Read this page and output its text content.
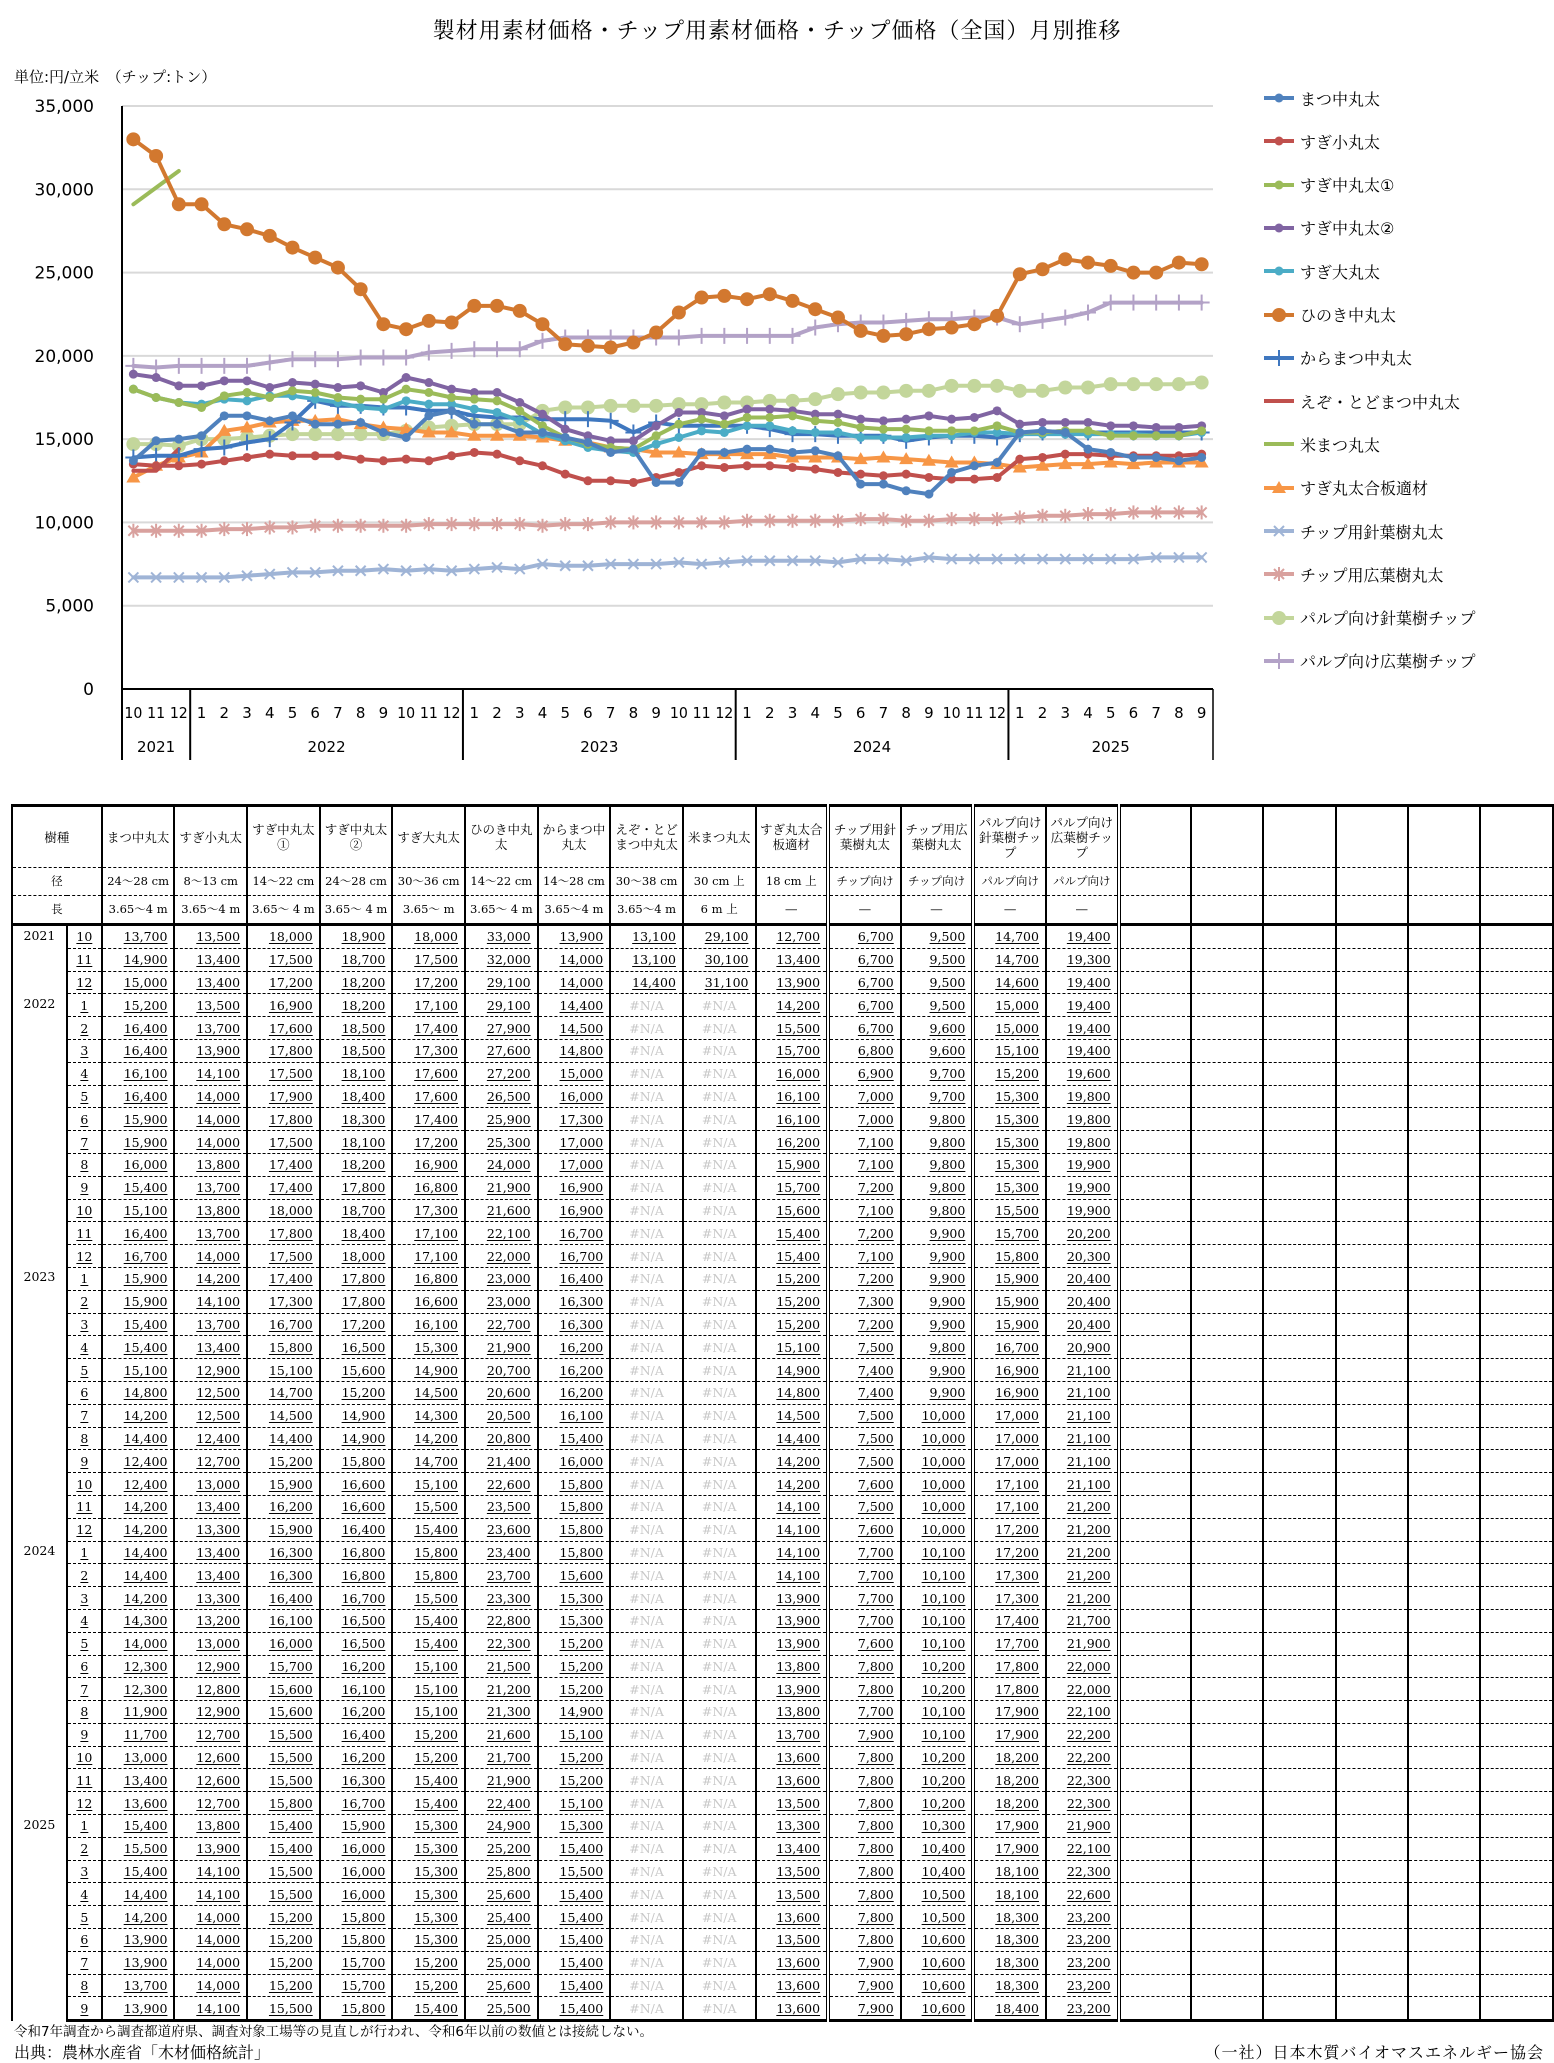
製材用素材価格・チップ用素材価格・チップ価格（全国）月別推移
単位:円/立米　（チップ:トン）
0
5,000
10,000
15,000
20,000
25,000
30,000
35,000
10 11 12 1 2 3 4 5 6 7 8 9 10 11 12 1 2 3 4 5 6 7 8 9 10 11 12 1 2 3 4 5 6 7 8 9 10 11 12 1 2 3 4 5 6 7 8 9
2021	2022	2023	2024	2025
まつ中丸太
すぎ小丸太
すぎ中丸太①
すぎ中丸太②
すぎ大丸太
ひのき中丸太
からまつ中丸太
えぞ・とどまつ中丸太
米まつ丸太
すぎ丸太合板適材
チップ用針葉樹丸太
チップ用広葉樹丸太
パルプ向け針葉樹チップ
パルプ向け広葉樹チップ
樹種		まつ中丸太	すぎ小丸太	すぎ中丸太①	すぎ中丸太②	すぎ大丸太	ひのき中丸太	からまつ中丸太	えぞ・とどまつ中丸太	米まつ丸太	すぎ丸太合板適材	チップ用針葉樹丸太	チップ用広葉樹丸太	パルプ向け針葉樹チップ	パルプ向け広葉樹チップ						
径		24～28 cm	8～13 cm	14～22 cm	24～28 cm	30～36 cm	14～22 cm	14～28 cm	30～38 cm	30 cm 上	18 cm 上	チップ向け	チップ向け	パルプ向け	パルプ向け						
長		3.65～4 m	3.65～4 m	3.65～ 4 m	3.65～ 4 m	3.65～ m	3.65～ 4 m	3.65～4 m	3.65～4 m	6 m 上	―	―	―	―	―						
2021	10	13,700	13,500	18,000	18,900	18,000	33,000	13,900	13,100	29,100	12,700	6,700	9,500	14,700	19,400						
	11	14,900	13,400	17,500	18,700	17,500	32,000	14,000	13,100	30,100	13,400	6,700	9,500	14,700	19,300						
	12	15,000	13,400	17,200	18,200	17,200	29,100	14,000	14,400	31,100	13,900	6,700	9,500	14,600	19,400						
2022	1	15,200	13,500	16,900	18,200	17,100	29,100	14,400	#N/A	#N/A	14,200	6,700	9,500	15,000	19,400						
	2	16,400	13,700	17,600	18,500	17,400	27,900	14,500	#N/A	#N/A	15,500	6,700	9,600	15,000	19,400						
	3	16,400	13,900	17,800	18,500	17,300	27,600	14,800	#N/A	#N/A	15,700	6,800	9,600	15,100	19,400						
	4	16,100	14,100	17,500	18,100	17,600	27,200	15,000	#N/A	#N/A	16,000	6,900	9,700	15,200	19,600						
	5	16,400	14,000	17,900	18,400	17,600	26,500	16,000	#N/A	#N/A	16,100	7,000	9,700	15,300	19,800						
	6	15,900	14,000	17,800	18,300	17,400	25,900	17,300	#N/A	#N/A	16,100	7,000	9,800	15,300	19,800						
	7	15,900	14,000	17,500	18,100	17,200	25,300	17,000	#N/A	#N/A	16,200	7,100	9,800	15,300	19,800						
	8	16,000	13,800	17,400	18,200	16,900	24,000	17,000	#N/A	#N/A	15,900	7,100	9,800	15,300	19,900						
	9	15,400	13,700	17,400	17,800	16,800	21,900	16,900	#N/A	#N/A	15,700	7,200	9,800	15,300	19,900						
	10	15,100	13,800	18,000	18,700	17,300	21,600	16,900	#N/A	#N/A	15,600	7,100	9,800	15,500	19,900						
	11	16,400	13,700	17,800	18,400	17,100	22,100	16,700	#N/A	#N/A	15,400	7,200	9,900	15,700	20,200						
	12	16,700	14,000	17,500	18,000	17,100	22,000	16,700	#N/A	#N/A	15,400	7,100	9,900	15,800	20,300						
2023	1	15,900	14,200	17,400	17,800	16,800	23,000	16,400	#N/A	#N/A	15,200	7,200	9,900	15,900	20,400						
	2	15,900	14,100	17,300	17,800	16,600	23,000	16,300	#N/A	#N/A	15,200	7,300	9,900	15,900	20,400						
	3	15,400	13,700	16,700	17,200	16,100	22,700	16,300	#N/A	#N/A	15,200	7,200	9,900	15,900	20,400						
	4	15,400	13,400	15,800	16,500	15,300	21,900	16,200	#N/A	#N/A	15,100	7,500	9,800	16,700	20,900						
	5	15,100	12,900	15,100	15,600	14,900	20,700	16,200	#N/A	#N/A	14,900	7,400	9,900	16,900	21,100						
	6	14,800	12,500	14,700	15,200	14,500	20,600	16,200	#N/A	#N/A	14,800	7,400	9,900	16,900	21,100						
	7	14,200	12,500	14,500	14,900	14,300	20,500	16,100	#N/A	#N/A	14,500	7,500	10,000	17,000	21,100						
	8	14,400	12,400	14,400	14,900	14,200	20,800	15,400	#N/A	#N/A	14,400	7,500	10,000	17,000	21,100						
	9	12,400	12,700	15,200	15,800	14,700	21,400	16,000	#N/A	#N/A	14,200	7,500	10,000	17,000	21,100						
	10	12,400	13,000	15,900	16,600	15,100	22,600	15,800	#N/A	#N/A	14,200	7,600	10,000	17,100	21,100						
	11	14,200	13,400	16,200	16,600	15,500	23,500	15,800	#N/A	#N/A	14,100	7,500	10,000	17,100	21,200						
	12	14,200	13,300	15,900	16,400	15,400	23,600	15,800	#N/A	#N/A	14,100	7,600	10,000	17,200	21,200						
2024	1	14,400	13,400	16,300	16,800	15,800	23,400	15,800	#N/A	#N/A	14,100	7,700	10,100	17,200	21,200						
	2	14,400	13,400	16,300	16,800	15,800	23,700	15,600	#N/A	#N/A	14,100	7,700	10,100	17,300	21,200						
	3	14,200	13,300	16,400	16,700	15,500	23,300	15,300	#N/A	#N/A	13,900	7,700	10,100	17,300	21,200						
	4	14,300	13,200	16,100	16,500	15,400	22,800	15,300	#N/A	#N/A	13,900	7,700	10,100	17,400	21,700						
	5	14,000	13,000	16,000	16,500	15,400	22,300	15,200	#N/A	#N/A	13,900	7,600	10,100	17,700	21,900						
	6	12,300	12,900	15,700	16,200	15,100	21,500	15,200	#N/A	#N/A	13,800	7,800	10,200	17,800	22,000						
	7	12,300	12,800	15,600	16,100	15,100	21,200	15,200	#N/A	#N/A	13,900	7,800	10,200	17,800	22,000						
	8	11,900	12,900	15,600	16,200	15,100	21,300	14,900	#N/A	#N/A	13,800	7,700	10,100	17,900	22,100						
	9	11,700	12,700	15,500	16,400	15,200	21,600	15,100	#N/A	#N/A	13,700	7,900	10,100	17,900	22,200						
	10	13,000	12,600	15,500	16,200	15,200	21,700	15,200	#N/A	#N/A	13,600	7,800	10,200	18,200	22,200						
	11	13,400	12,600	15,500	16,300	15,400	21,900	15,200	#N/A	#N/A	13,600	7,800	10,200	18,200	22,300						
	12	13,600	12,700	15,800	16,700	15,400	22,400	15,100	#N/A	#N/A	13,500	7,800	10,200	18,200	22,300						
2025	1	15,400	13,800	15,400	15,900	15,300	24,900	15,300	#N/A	#N/A	13,300	7,800	10,300	17,900	21,900						
	2	15,500	13,900	15,400	16,000	15,300	25,200	15,400	#N/A	#N/A	13,400	7,800	10,400	17,900	22,100						
	3	15,400	14,100	15,500	16,000	15,300	25,800	15,500	#N/A	#N/A	13,500	7,800	10,400	18,100	22,300						
	4	14,400	14,100	15,500	16,000	15,300	25,600	15,400	#N/A	#N/A	13,500	7,800	10,500	18,100	22,600						
	5	14,200	14,000	15,200	15,800	15,300	25,400	15,400	#N/A	#N/A	13,600	7,800	10,500	18,300	23,200						
	6	13,900	14,000	15,200	15,800	15,300	25,000	15,400	#N/A	#N/A	13,500	7,800	10,600	18,300	23,200						
	7	13,900	14,000	15,200	15,700	15,200	25,000	15,400	#N/A	#N/A	13,600	7,900	10,600	18,300	23,200						
	8	13,700	14,000	15,200	15,700	15,200	25,600	15,400	#N/A	#N/A	13,600	7,900	10,600	18,300	23,200						
	9	13,900	14,100	15,500	15,800	15,400	25,500	15,400	#N/A	#N/A	13,600	7,900	10,600	18,400	23,200						
令和7年調査から調査都道府県、調査対象工場等の見直しが行われ、令和6年以前の数値とは接続しない。
出典：農林水産省「木材価格統計」	（一社）日本木質バイオマスエネルギー協会
